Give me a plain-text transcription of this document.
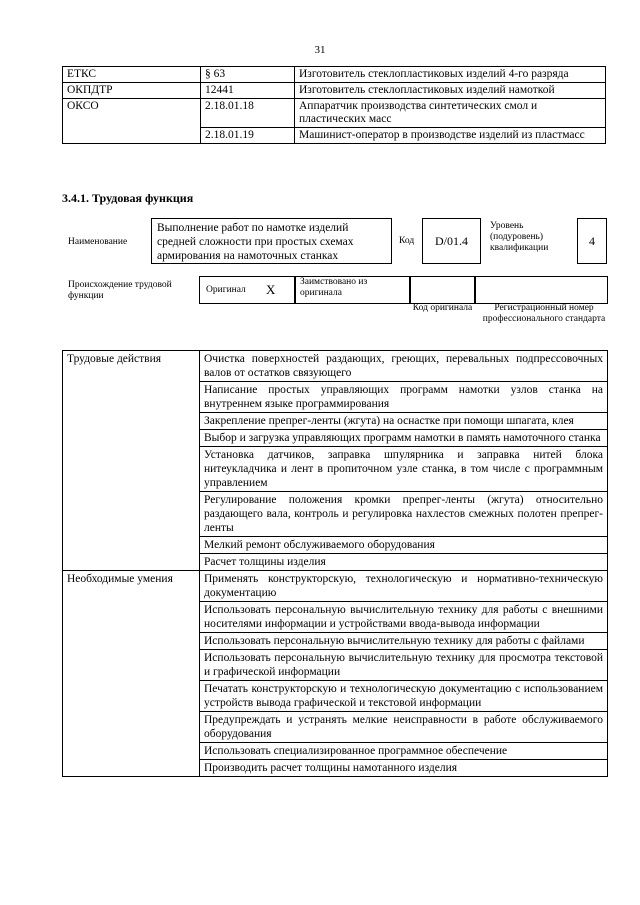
31
ЕТКС	§ 63	Изготовитель стеклопластиковых изделий 4-го разряда
ОКПДТР	12441	Изготовитель стеклопластиковых изделий намоткой
ОКСО	2.18.01.18	Аппаратчик производства синтетических смол и пластических масс
	2.18.01.19	Машинист-оператор в производстве изделий из пластмасс
3.4.1. Трудовая функция
Наименование
Выполнение работ по намотке изделий средней сложности при простых схемах армирования на намоточных станках
Код	D/01.4
Уровень (подуровень) квалификации	4
Происхождение трудовой функции
Оригинал X	Заимствовано из оригинала
Код оригинала	Регистрационный номер профессионального стандарта
Трудовые действия	Очистка поверхностей раздающих, греющих, перевальных подпрессовочных валов от остатков связующего
	Написание простых управляющих программ намотки узлов станка на внутреннем языке программирования
	Закрепление препрег-ленты (жгута) на оснастке при помощи шпагата, клея
	Выбор и загрузка управляющих программ намотки в память намоточного станка
	Установка датчиков, заправка шпулярника и заправка нитей блока нитеукладчика и лент в пропиточном узле станка, в том числе с программным управлением
	Регулирование положения кромки препрег-ленты (жгута) относительно раздающего вала, контроль и регулировка нахлестов смежных полотен препрег-ленты
	Мелкий ремонт обслуживаемого оборудования
	Расчет толщины изделия
Необходимые умения	Применять конструкторскую, технологическую и нормативно-техническую документацию
	Использовать персональную вычислительную технику для работы с внешними носителями информации и устройствами ввода-вывода информации
	Использовать персональную вычислительную технику для работы с файлами
	Использовать персональную вычислительную технику для просмотра текстовой и графической информации
	Печатать конструкторскую и технологическую документацию с использованием устройств вывода графической и текстовой информации
	Предупреждать и устранять мелкие неисправности в работе обслуживаемого оборудования
	Использовать специализированное программное обеспечение
	Производить расчет толщины намотанного изделия
